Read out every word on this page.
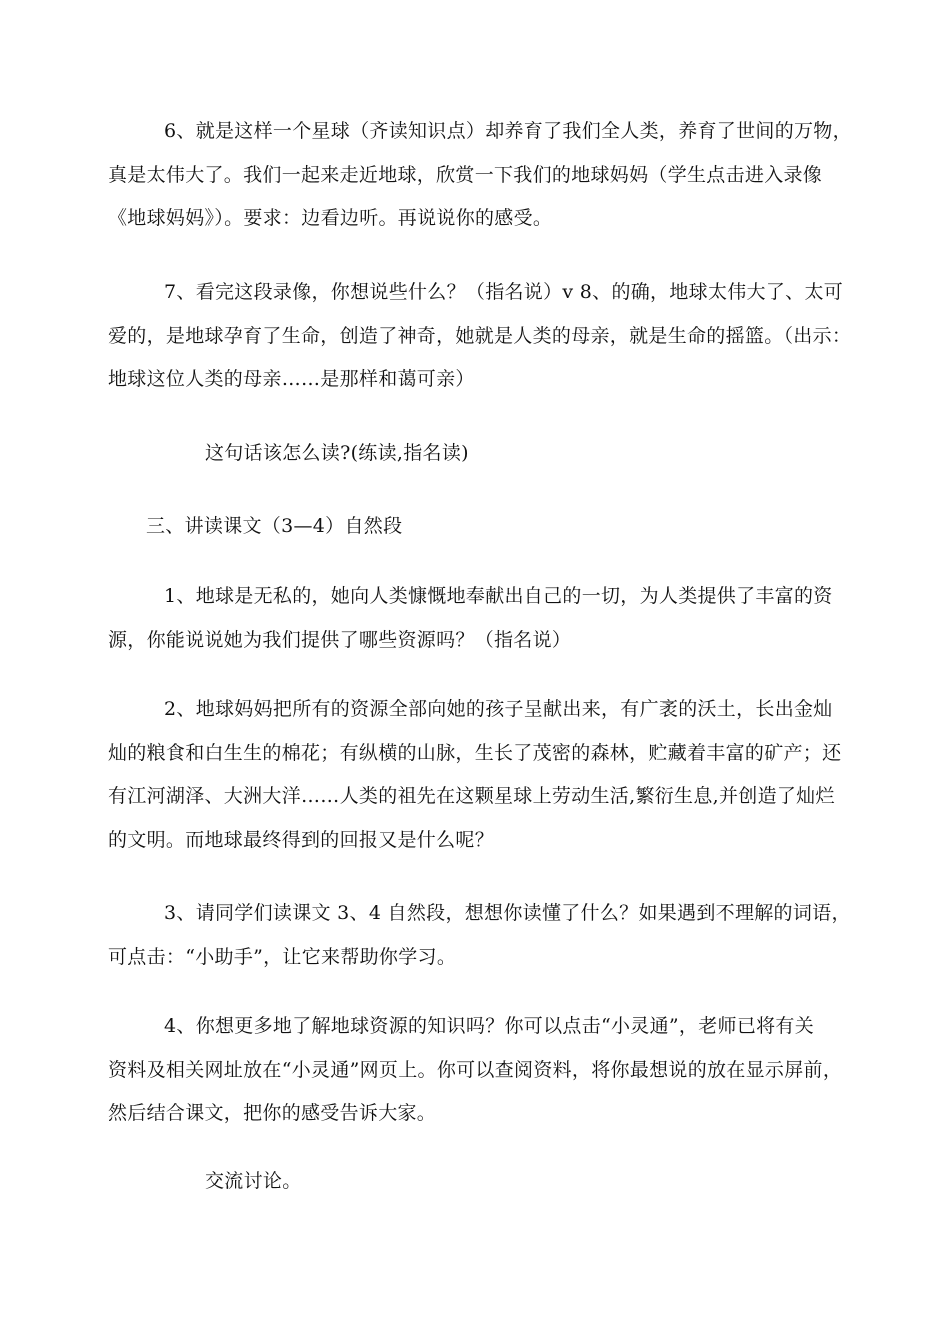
6、就是这样一个星球（齐读知识点）却养育了我们全人类，养育了世间的万物，
真是太伟大了。我们一起来走近地球，欣赏一下我们的地球妈妈（学生点击进入录像
《地球妈妈》）。要求：边看边听。再说说你的感受。
7、看完这段录像，你想说些什么？（指名说）v 8、的确，地球太伟大了、太可
爱的，是地球孕育了生命，创造了神奇，她就是人类的母亲，就是生命的摇篮。（出示：
地球这位人类的母亲……是那样和蔼可亲）
这句话该怎么读?(练读,指名读)
三、讲读课文（3—4）自然段
1、地球是无私的，她向人类慷慨地奉献出自己的一切，为人类提供了丰富的资
源，你能说说她为我们提供了哪些资源吗？（指名说）
2、地球妈妈把所有的资源全部向她的孩子呈献出来，有广袤的沃土，长出金灿
灿的粮食和白生生的棉花；有纵横的山脉，生长了茂密的森林，贮藏着丰富的矿产；还
有江河湖泽、大洲大洋……人类的祖先在这颗星球上劳动生活,繁衍生息,并创造了灿烂
的文明。而地球最终得到的回报又是什么呢？
3、请同学们读课文 3、4 自然段，想想你读懂了什么？如果遇到不理解的词语，
可点击：“小助手”，让它来帮助你学习。
4、你想更多地了解地球资源的知识吗？你可以点击“小灵通”，老师已将有关
资料及相关网址放在“小灵通”网页上。你可以查阅资料，将你最想说的放在显示屏前，
然后结合课文，把你的感受告诉大家。
交流讨论。
